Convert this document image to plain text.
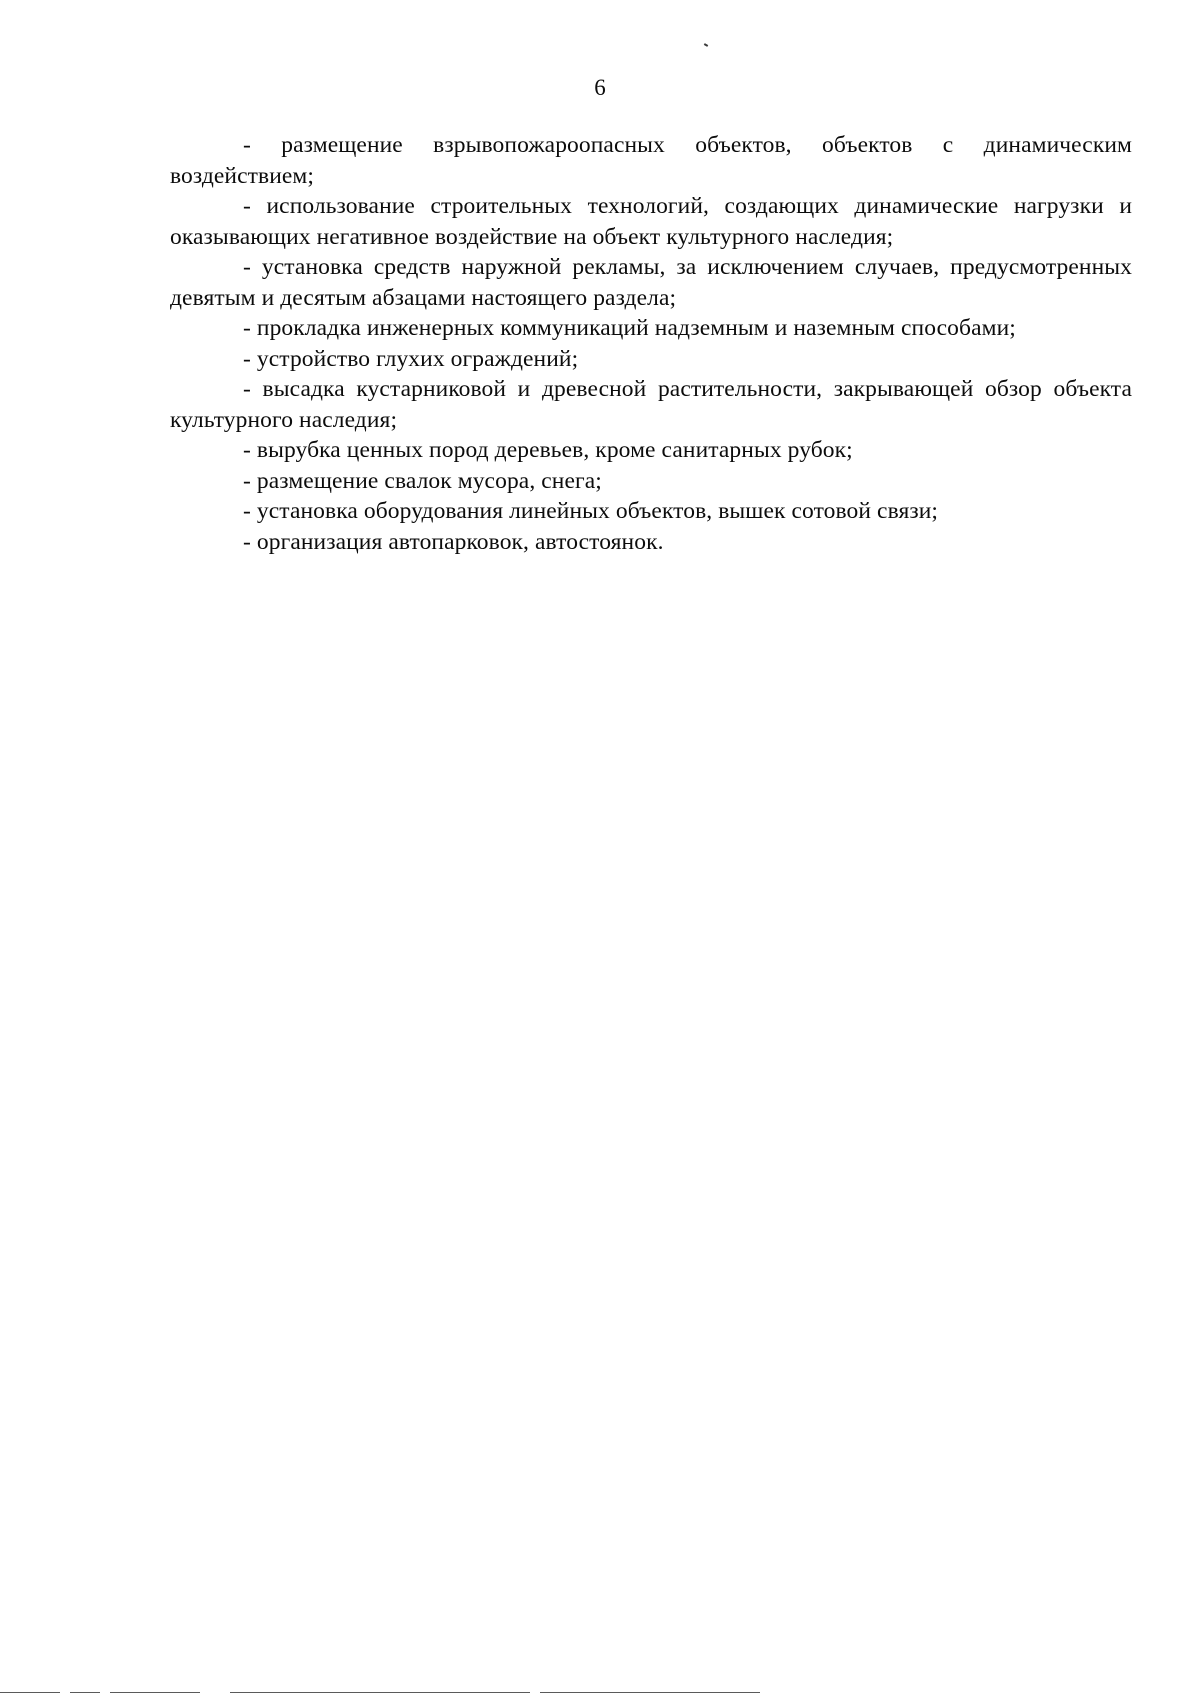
6

- размещение взрывопожароопасных объектов, объектов с динамическим воздействием;

- использование строительных технологий, создающих динамические нагрузки и оказывающих негативное воздействие на объект культурного наследия;

- установка средств наружной рекламы, за исключением случаев, предусмотренных девятым и десятым абзацами настоящего раздела;

- прокладка инженерных коммуникаций надземным и наземным способами;

- устройство глухих ограждений;

- высадка кустарниковой и древесной растительности, закрывающей обзор объекта культурного наследия;

- вырубка ценных пород деревьев, кроме санитарных рубок;

- размещение свалок мусора, снега;

- установка оборудования линейных объектов, вышек сотовой связи;

- организация автопарковок, автостоянок.
